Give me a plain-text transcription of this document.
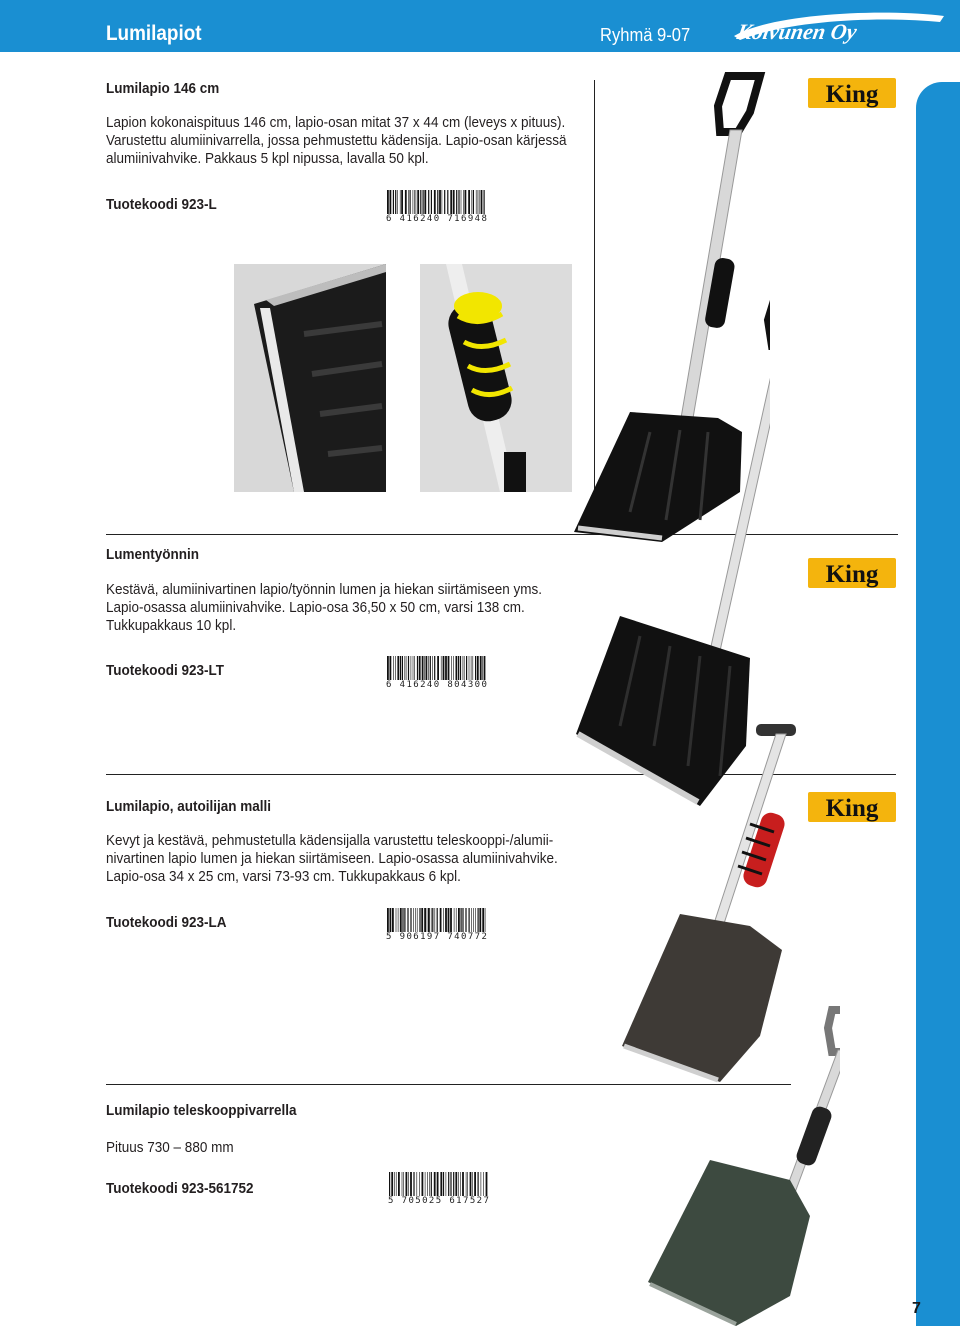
Lumilapiot	Ryhmä 9-07 Koivunen Oy
7
Lumilapio 146 cm

Lapion kokonaispituus 146 cm, lapio-osan mitat 37 x 44 cm (leveys x pituus).

Varustettu alumiinivarrella, jossa pehmustettu kädensija. Lapio-osan kärjessä

alumiinivahvike. Pakkaus 5 kpl nipussa, lavalla 50 kpl.

Tuotekoodi 923-L
6 416240 716948
King
King
King
Lumentyönnin

Kestävä, alumiinivartinen lapio/työnnin lumen ja hiekan siirtämiseen yms.

Lapio-osassa alumiinivahvike. Lapio-osa 36,50 x 50 cm, varsi 138 cm.

Tukkupakkaus 10 kpl.

Tuotekoodi 923-LT
6 416240 804300
Lumilapio, autoilijan malli

Kevyt ja kestävä, pehmustetulla kädensijalla varustettu teleskooppi-/alumii-

nivartinen lapio lumen ja hiekan siirtämiseen. Lapio-osassa alumiinivahvike.

Lapio-osa 34 x 25 cm, varsi 73-93 cm. Tukkupakkaus 6 kpl.

Tuotekoodi 923-LA
5 906197 740772
Lumilapio teleskooppivarrella

Pituus 730 – 880 mm

Tuotekoodi 923-561752
5 705025 617527
